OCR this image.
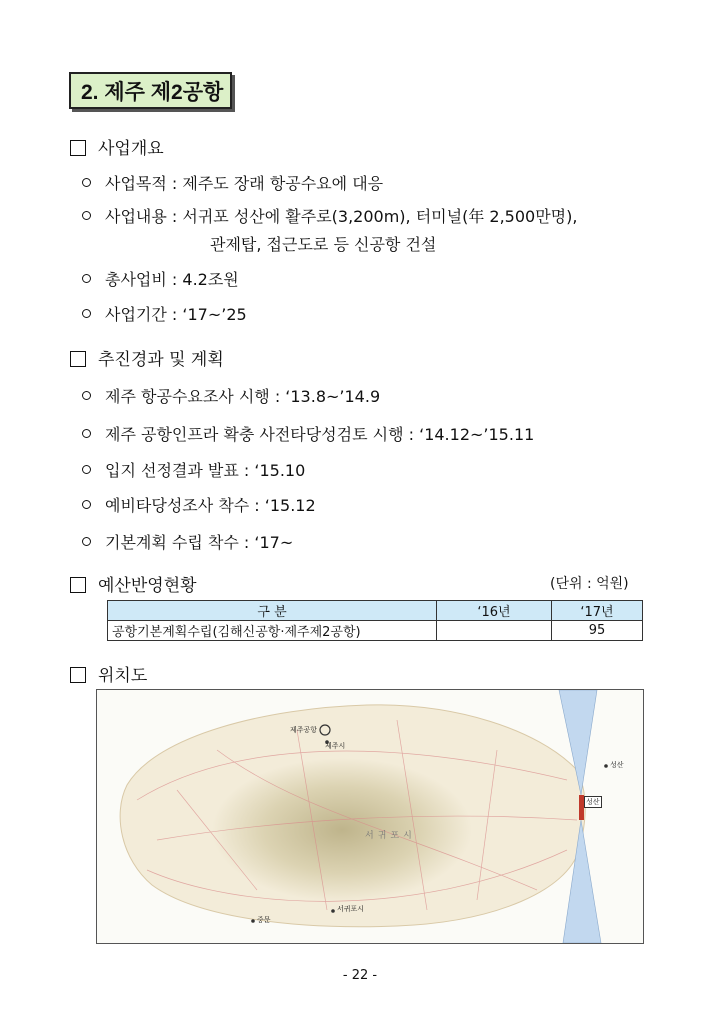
2. 제주 제2공항
사업개요
사업목적 : 제주도 장래 항공수요에 대응
사업내용 : 서귀포 성산에 활주로(3,200m), 터미널(年 2,500만명),
관제탑, 접근도로 등 신공항 건설
총사업비 : 4.2조원
사업기간 : ‘17~’25
추진경과 및 계획
제주 항공수요조사 시행 : ‘13.8~’14.9
제주 공항인프라 확충 사전타당성검토 시행 : ‘14.12~’15.11
입지 선정결과 발표 : ‘15.10
예비타당성조사 착수 : ‘15.12
기본계획 수립 착수 : ‘17~
예산반영현황	(단위 : 억원)
구 분	‘16년	‘17년
공항기본계획수립(김해신공항·제주제2공항)		95
위치도
제주공항
제주시
성산
성산
서귀포시
서귀포시
중문
- 22 -
